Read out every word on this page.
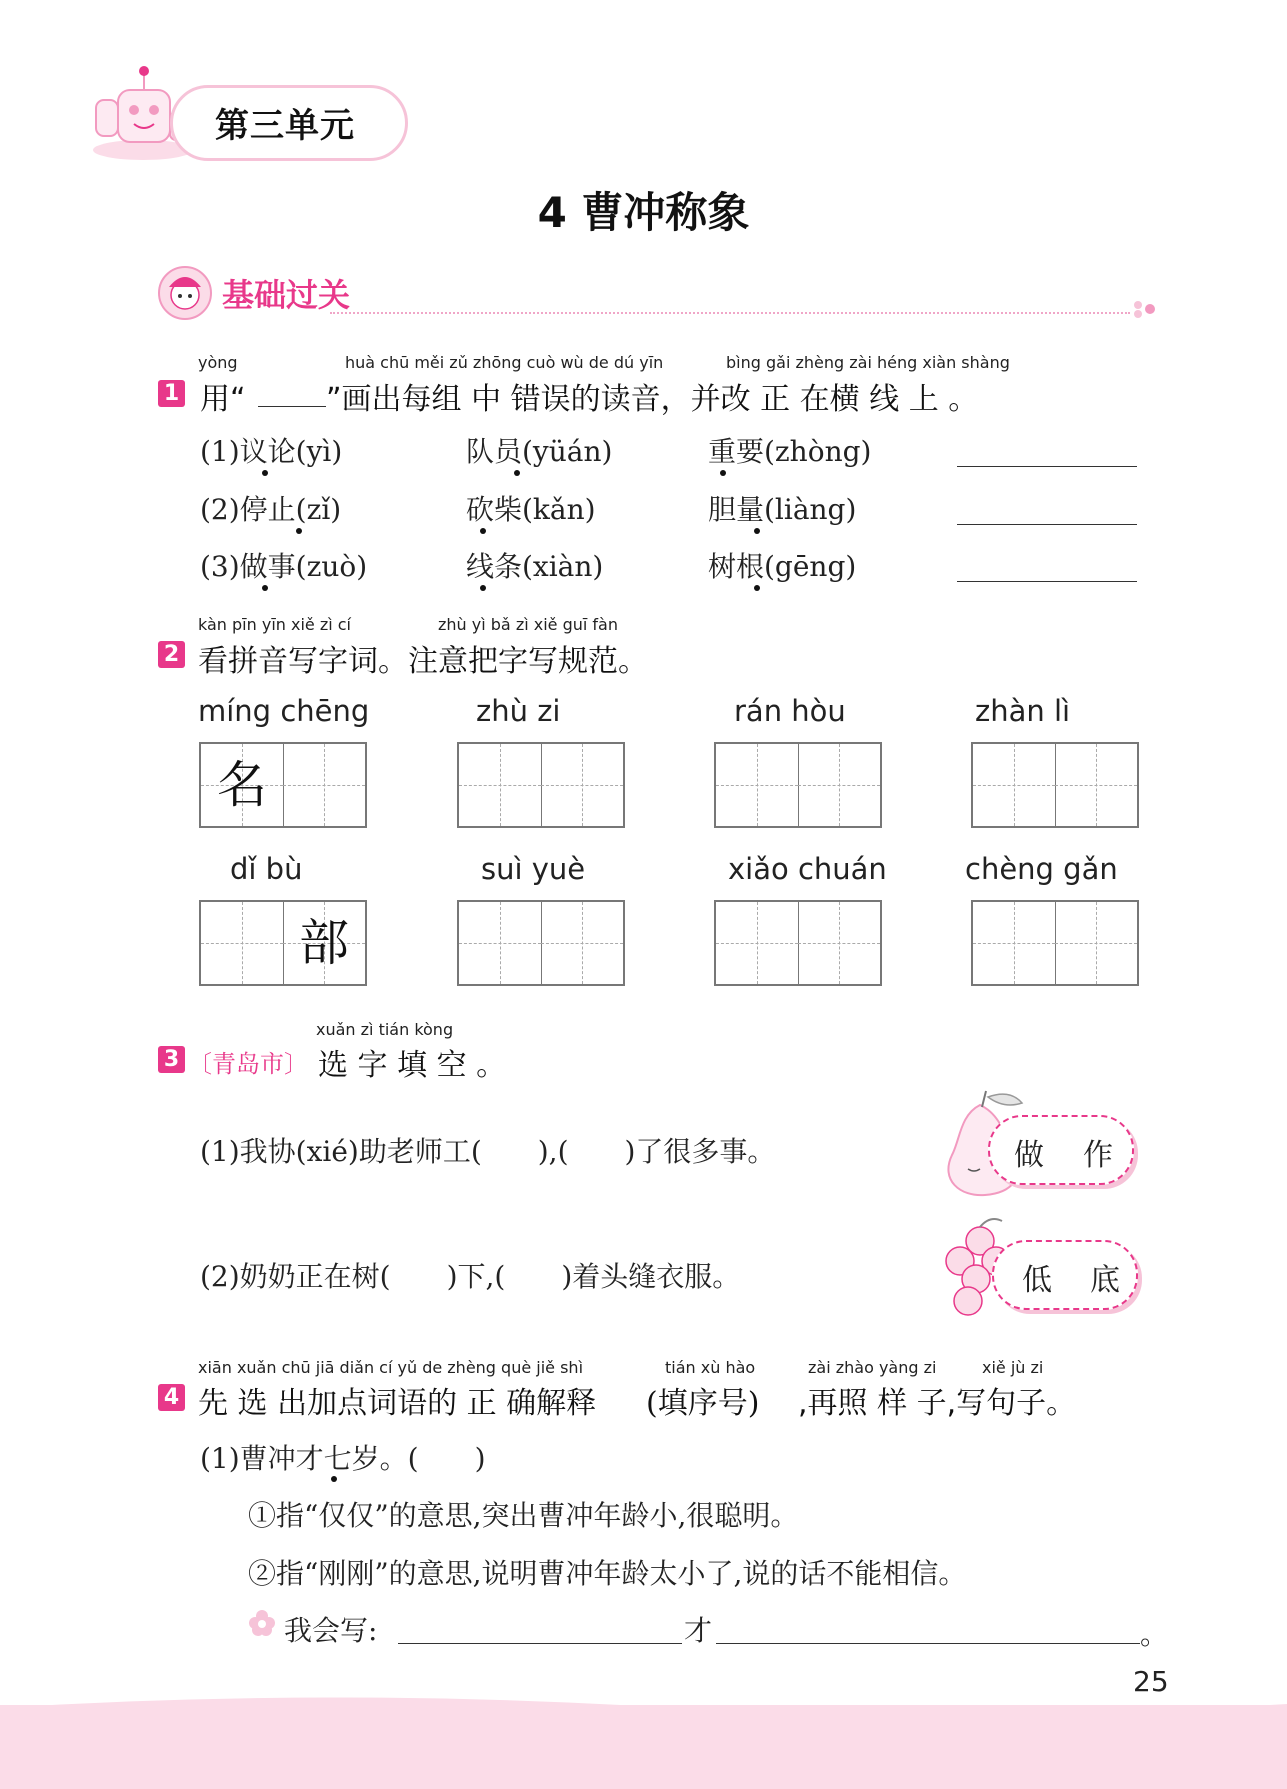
第三单元
4 曹冲称象
基础过关
yòng	huà chū měi zǔ zhōng cuò wù de dú yīn	bìng gǎi zhèng zài héng xiàn shàng
1 用“	”画出每组 中 错误的读音，并改 正 在横 线 上 。
(1)议论(yì)	队员(yüán)	重要(zhòng)
(2)停止(zǐ)	砍柴(kǎn)	胆量(liàng)
(3)做事(zuò)	线条(xiàn)	树根(gēng)
kàn pīn yīn xiě zì cí	zhù yì bǎ zì xiě guī fàn
2 看拼音写字词。注意把字写规范。
míng chēng	zhù zi	rán hòu	zhàn lì
名
dǐ bù	suì yuè	xiǎo chuán	chèng gǎn
部
xuǎn zì tián kòng
3 〔青岛市〕 选 字 填 空 。
(1)我协(xié)助老师工(　　),(　　)了很多事。	做 作
(2)奶奶正在树(　　)下,(　　)着头缝衣服。	低 底
xiān xuǎn chū jiā diǎn cí yǔ de zhèng què jiě shì	tián xù hào	zài zhào yàng zi	xiě jù zi
4 先 选 出加点词语的 正 确解释 (填序号) ,再照 样 子,写句子。
(1)曹冲才七岁。(　　)
①指“仅仅”的意思,突出曹冲年龄小,很聪明。
②指“刚刚”的意思,说明曹冲年龄太小了,说的话不能相信。
我会写:	才	。
25
